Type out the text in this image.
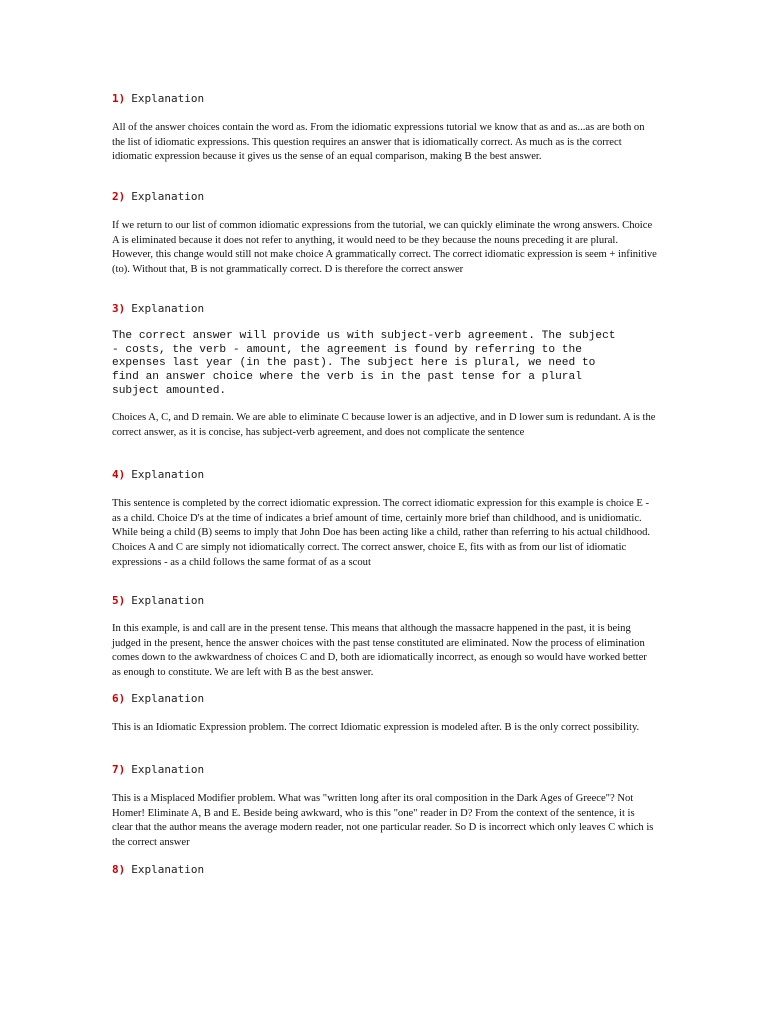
1) Explanation

All of the answer choices contain the word as. From the idiomatic expressions tutorial we know that as and as...as are both on the list of idiomatic expressions. This question requires an answer that is idiomatically correct. As much as is the correct idiomatic expression because it gives us the sense of an equal comparison, making B the best answer.

2) Explanation

If we return to our list of common idiomatic expressions from the tutorial, we can quickly eliminate the wrong answers. Choice A is eliminated because it does not refer to anything, it would need to be they because the nouns preceding it are plural. However, this change would still not make choice A grammatically correct. The correct idiomatic expression is seem + infinitive (to). Without that, B is not grammatically correct. D is therefore the correct answer

3) Explanation
The correct answer will provide us with subject-verb agreement. The subject
- costs, the verb - amount, the agreement is found by referring to the
expenses last year (in the past). The subject here is plural, we need to
find an answer choice where the verb is in the past tense for a plural
subject amounted.

Choices A, C, and D remain. We are able to eliminate C because lower is an adjective, and in D lower sum is redundant. A is the correct answer, as it is concise, has subject-verb agreement, and does not complicate the sentence

4) Explanation

This sentence is completed by the correct idiomatic expression. The correct idiomatic expression for this example is choice E - as a child. Choice D's at the time of indicates a brief amount of time, certainly more brief than childhood, and is unidiomatic. While being a child (B) seems to imply that John Doe has been acting like a child, rather than referring to his actual childhood. Choices A and C are simply not idiomatically correct. The correct answer, choice E, fits with as from our list of idiomatic expressions - as a child follows the same format of as a scout

5) Explanation

In this example, is and call are in the present tense. This means that although the massacre happened in the past, it is being judged in the present, hence the answer choices with the past tense constituted are eliminated. Now the process of elimination comes down to the awkwardness of choices C and D, both are idiomatically incorrect, as enough so would have worked better as enough to constitute. We are left with B as the best answer.

6) Explanation

This is an Idiomatic Expression problem. The correct Idiomatic expression is modeled after. B is the only correct possibility.

7) Explanation

This is a Misplaced Modifier problem. What was "written long after its oral composition in the Dark Ages of Greece"? Not Homer! Eliminate A, B and E. Beside being awkward, who is this "one" reader in D? From the context of the sentence, it is clear that the author means the average modern reader, not one particular reader. So D is incorrect which only leaves C which is the correct answer

8) Explanation
